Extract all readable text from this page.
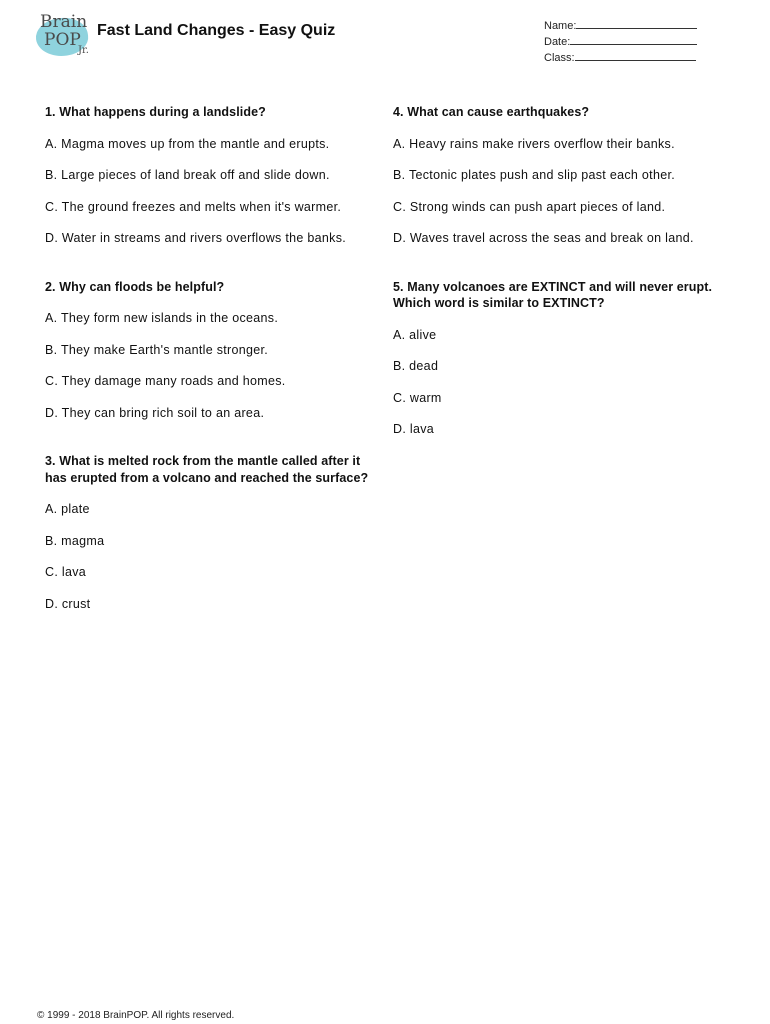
Brain
POP
Jr.
Fast Land Changes - Easy Quiz	Name:
Date:
Class:

1. What happens during a landslide?

A. Magma moves up from the mantle and erupts.

B. Large pieces of land break off and slide down.

C. The ground freezes and melts when it's warmer.

D. Water in streams and rivers overflows the banks.

2. Why can floods be helpful?

A. They form new islands in the oceans.

B. They make Earth's mantle stronger.

C. They damage many roads and homes.

D. They can bring rich soil to an area.

3. What is melted rock from the mantle called after it has erupted from a volcano and reached the surface?

A. plate

B. magma

C. lava

D. crust

4. What can cause earthquakes?

A. Heavy rains make rivers overflow their banks.

B. Tectonic plates push and slip past each other.

C. Strong winds can push apart pieces of land.

D. Waves travel across the seas and break on land.

5. Many volcanoes are EXTINCT and will never erupt. Which word is similar to EXTINCT?

A. alive

B. dead

C. warm

D. lava

© 1999 - 2018 BrainPOP. All rights reserved.
